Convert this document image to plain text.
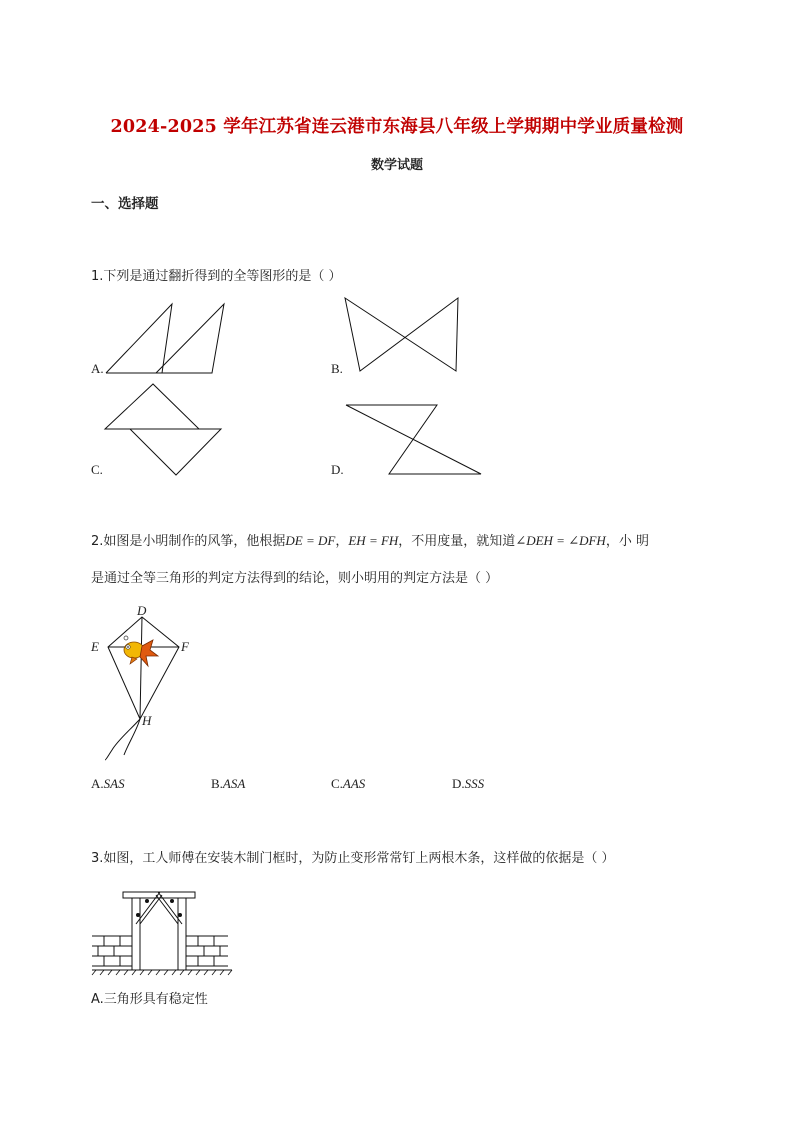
2024-2025 学年江苏省连云港市东海县八年级上学期期中学业质量检测
数学试题
一、选择题
1.下列是通过翻折得到的全等图形的是（ ）
A.	B.
C.	D.
2.如图是小明制作的风筝，他根据DE = DF，EH = FH，不用度量，就知道∠DEH = ∠DFH，小 明
是通过全等三角形的判定方法得到的结论，则小明用的判定方法是（ ）
D
E	F
H
A.SAS	B.ASA	C.AAS	D.SSS
3.如图，工人师傅在安装木制门框时，为防止变形常常钉上两根木条，这样做的依据是（ ）
A.三角形具有稳定性
